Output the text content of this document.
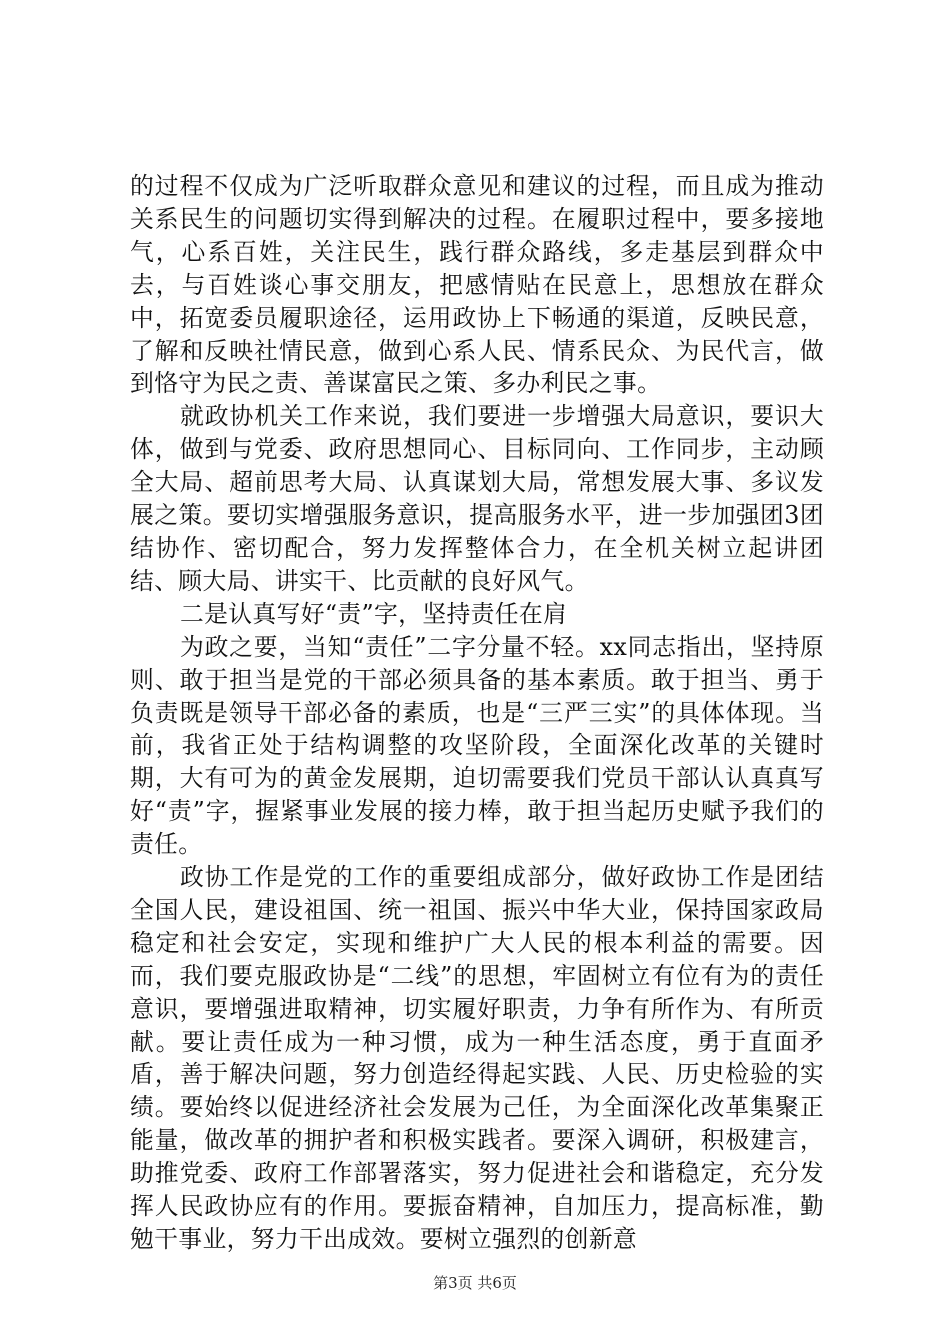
的过程不仅成为广泛听取群众意见和建议的过程，而且成为推动关系民生的问题切实得到解决的过程。在履职过程中，要多接地气，心系百姓，关注民生，践行群众路线，多走基层到群众中去，与百姓谈心事交朋友，把感情贴在民意上，思想放在群众中，拓宽委员履职途径，运用政协上下畅通的渠道，反映民意，了解和反映社情民意，做到心系人民、情系民众、为民代言，做到恪守为民之责、善谋富民之策、多办利民之事。

就政协机关工作来说，我们要进一步增强大局意识，要识大体，做到与党委、政府思想同心、目标同向、工作同步，主动顾全大局、超前思考大局、认真谋划大局，常想发展大事、多议发展之策。要切实增强服务意识，提高服务水平，进一步加强团3团结协作、密切配合，努力发挥整体合力，在全机关树立起讲团结、顾大局、讲实干、比贡献的良好风气。

二是认真写好“责”字，坚持责任在肩

为政之要，当知“责任”二字分量不轻。xx同志指出，坚持原则、敢于担当是党的干部必须具备的基本素质。敢于担当、勇于负责既是领导干部必备的素质，也是“三严三实”的具体体现。当前，我省正处于结构调整的攻坚阶段，全面深化改革的关键时期，大有可为的黄金发展期，迫切需要我们党员干部认认真真写好“责”字，握紧事业发展的接力棒，敢于担当起历史赋予我们的责任。

政协工作是党的工作的重要组成部分，做好政协工作是团结全国人民，建设祖国、统一祖国、振兴中华大业，保持国家政局稳定和社会安定，实现和维护广大人民的根本利益的需要。因而，我们要克服政协是“二线”的思想，牢固树立有位有为的责任意识，要增强进取精神，切实履好职责，力争有所作为、有所贡献。要让责任成为一种习惯，成为一种生活态度，勇于直面矛盾，善于解决问题，努力创造经得起实践、人民、历史检验的实绩。要始终以促进经济社会发展为己任，为全面深化改革集聚正能量，做改革的拥护者和积极实践者。要深入调研，积极建言，助推党委、政府工作部署落实，努力促进社会和谐稳定，充分发挥人民政协应有的作用。要振奋精神，自加压力，提高标准，勤勉干事业，努力干出成效。要树立强烈的创新意

第3页 共6页
